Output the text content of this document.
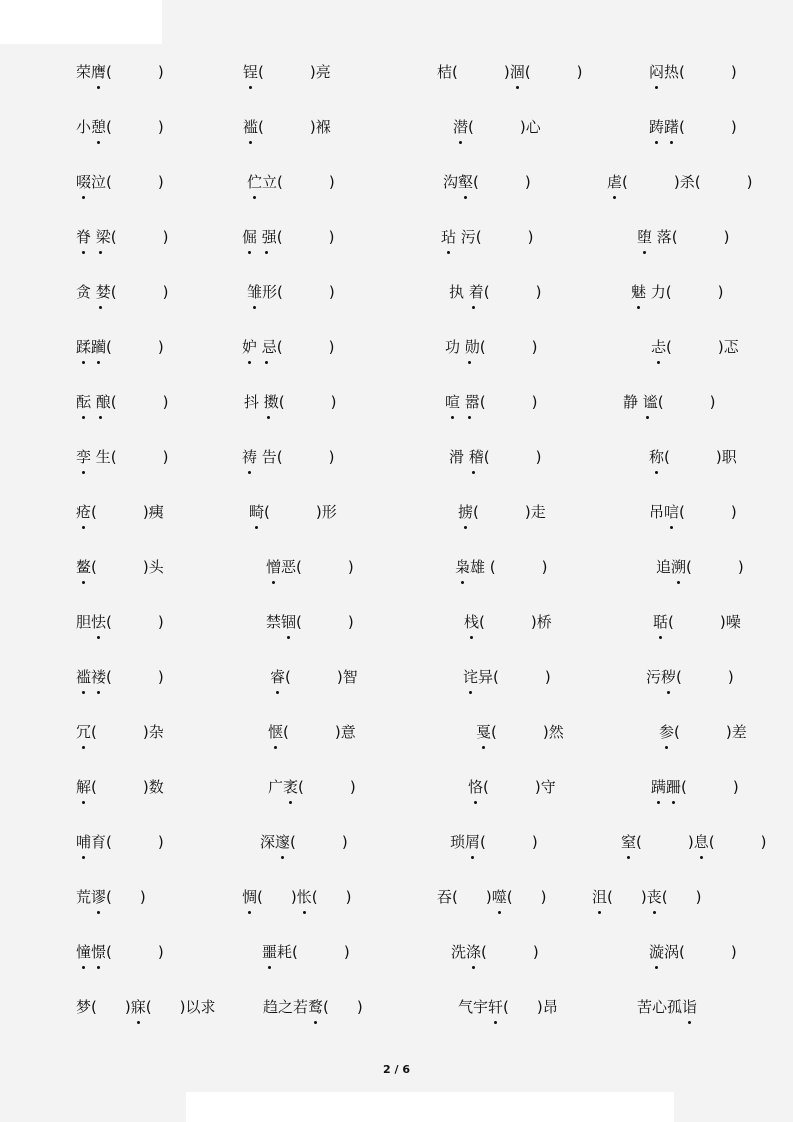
荣膺(	)	锃(	)亮	桔(	)涸(	)	闷热(	)
小憩(	)	褴(	)褓	潜(	)心	踌躇(	)
啜泣(	)	伫立(	)	沟壑(	)	虐(	)杀(	)
脊 梁(	)	倔 强(	)	玷 污(	)	堕 落(	)
贪 婪(	)	雏形(	)	执 着(	)	魅 力(	)
蹂躏(	)	妒 忌(	)	功 勋(	)	忐(	)忑
酝 酿(	)	抖 擞(	)	喧 嚣(	)	静 谧(	)
孪 生(	)	祷 告(	)	滑 稽(	)	称(	)职
疮(	)痍	畸(	)形	掳(	)走	吊唁(	)
鳌(	)头	憎恶(	)	枭雄 (	)	追溯(	)
胆怯(	)	禁锢(	)	栈(	)桥	聒(	)噪
褴褛(	)	睿(	)智	诧异(	)	污秽(	)
冗(	)杂	惬(	)意	戛(	)然	参(	)差
解(	)数	广袤(	)	恪(	)守	蹒跚(	)
哺育(	)	深邃(	)	琐屑(	)	窒(	)息(	)
荒谬( )	惆( )怅( )	吞( )噬( )	沮( )丧( )
憧憬(	)	噩耗(	)	洗涤(	)	漩涡(	)
梦( )寐( )以求	趋之若鹜( )	气宇轩( )昂	苦心孤诣
2 / 6
